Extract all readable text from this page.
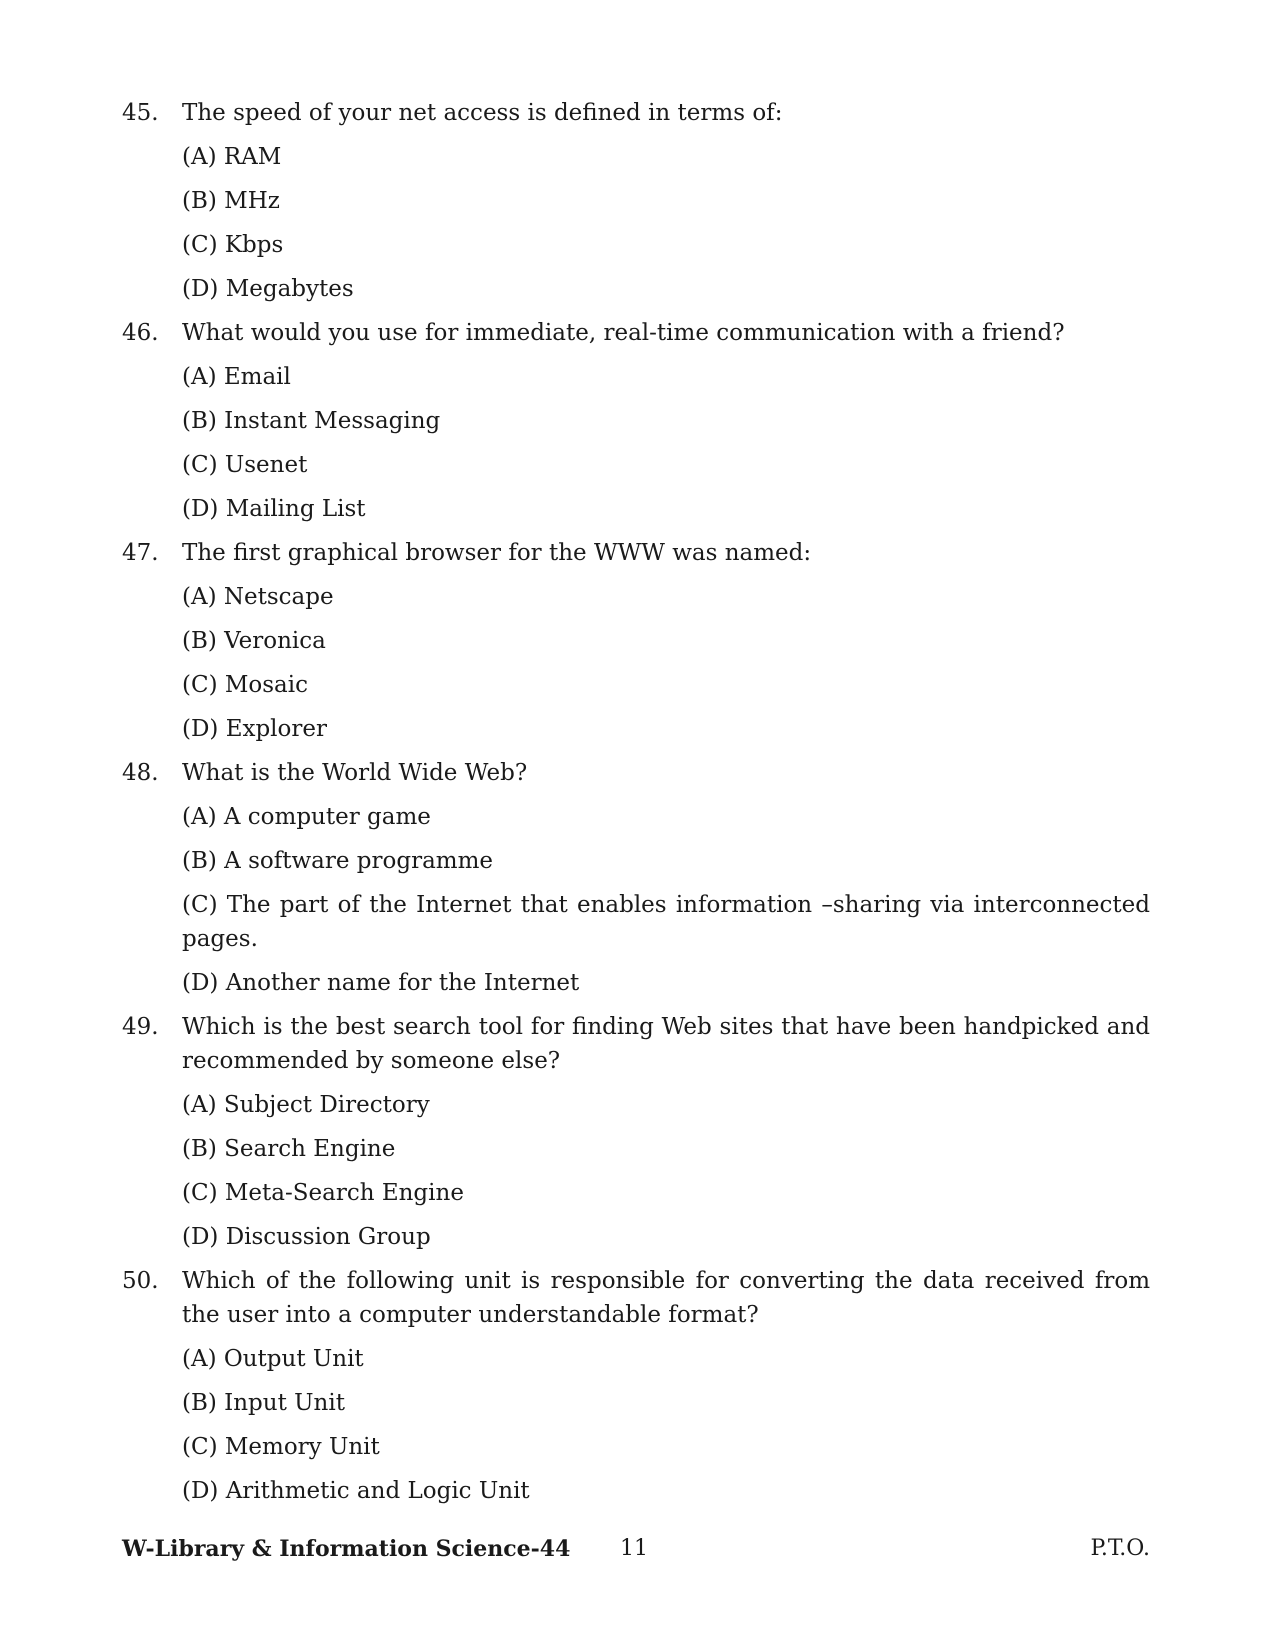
45. The speed of your net access is defined in terms of:
(A) RAM
(B) MHz
(C) Kbps
(D) Megabytes
46. What would you use for immediate, real-time communication with a friend?
(A) Email
(B) Instant Messaging
(C) Usenet
(D) Mailing List
47. The first graphical browser for the WWW was named:
(A) Netscape
(B) Veronica
(C) Mosaic
(D) Explorer
48. What is the World Wide Web?
(A) A computer game
(B) A software programme
(C) The part of the Internet that enables information –sharing via interconnected pages.
(D) Another name for the Internet
49. Which is the best search tool for finding Web sites that have been handpicked and recommended by someone else?
(A) Subject Directory
(B) Search Engine
(C) Meta-Search Engine
(D) Discussion Group
50. Which of the following unit is responsible for converting the data received from the user into a computer understandable format?
(A) Output Unit
(B) Input Unit
(C) Memory Unit
(D) Arithmetic and Logic Unit
W-Library & Information Science-44 11	P.T.O.
